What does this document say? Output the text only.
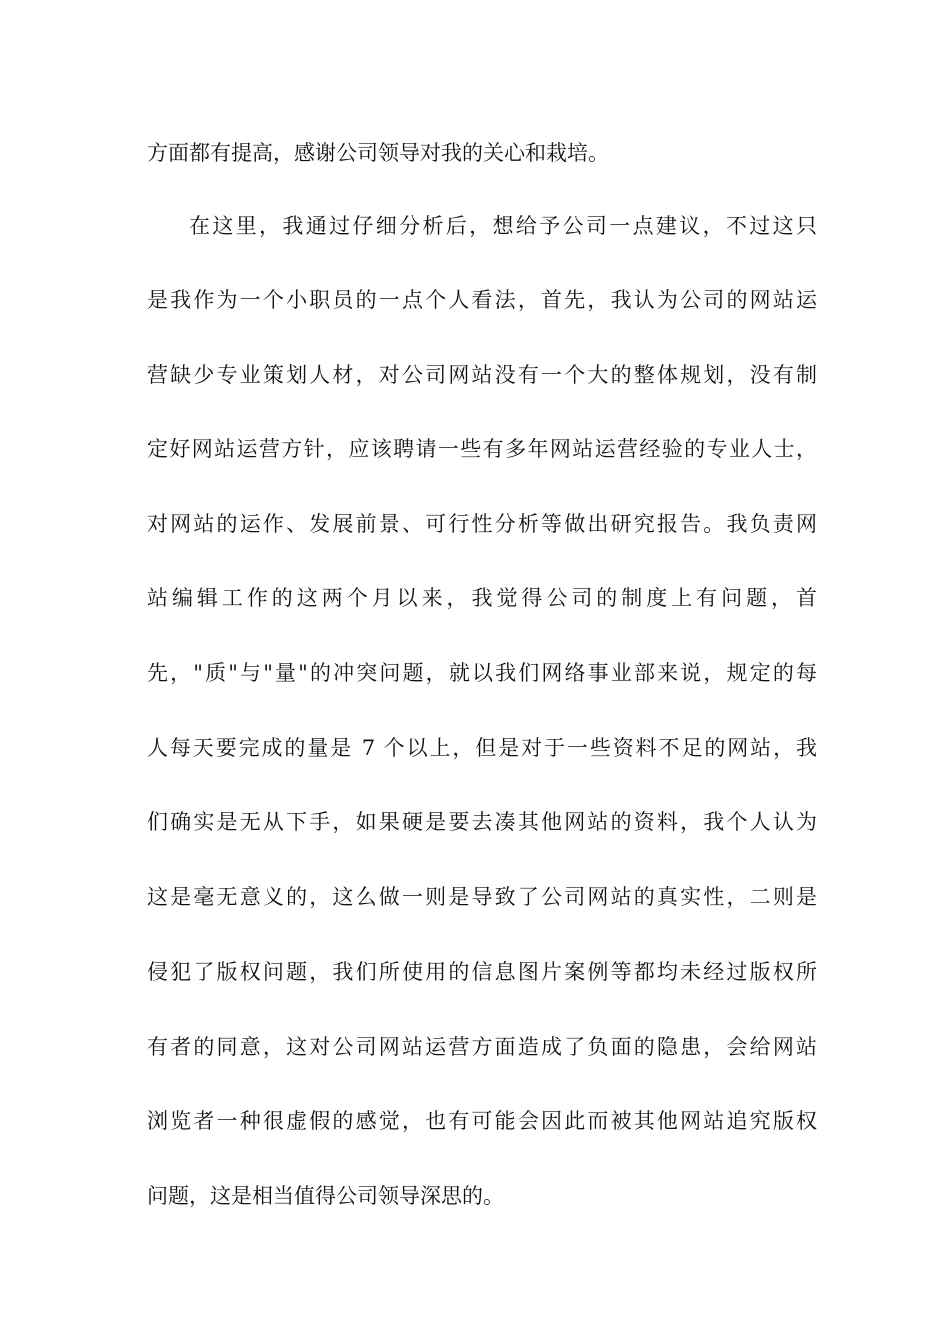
方面都有提高，感谢公司领导对我的关心和栽培。
在这里，我通过仔细分析后，想给予公司一点建议，不过这只
是我作为一个小职员的一点个人看法，首先，我认为公司的网站运
营缺少专业策划人材，对公司网站没有一个大的整体规划，没有制
定好网站运营方针，应该聘请一些有多年网站运营经验的专业人士，
对网站的运作、发展前景、可行性分析等做出研究报告。我负责网
站编辑工作的这两个月以来，我觉得公司的制度上有问题，首
先，"质"与"量"的冲突问题，就以我们网络事业部来说，规定的每
人每天要完成的量是 7 个以上，但是对于一些资料不足的网站，我
们确实是无从下手，如果硬是要去凑其他网站的资料，我个人认为
这是毫无意义的，这么做一则是导致了公司网站的真实性，二则是
侵犯了版权问题，我们所使用的信息图片案例等都均未经过版权所
有者的同意，这对公司网站运营方面造成了负面的隐患，会给网站
浏览者一种很虚假的感觉，也有可能会因此而被其他网站追究版权
问题，这是相当值得公司领导深思的。
